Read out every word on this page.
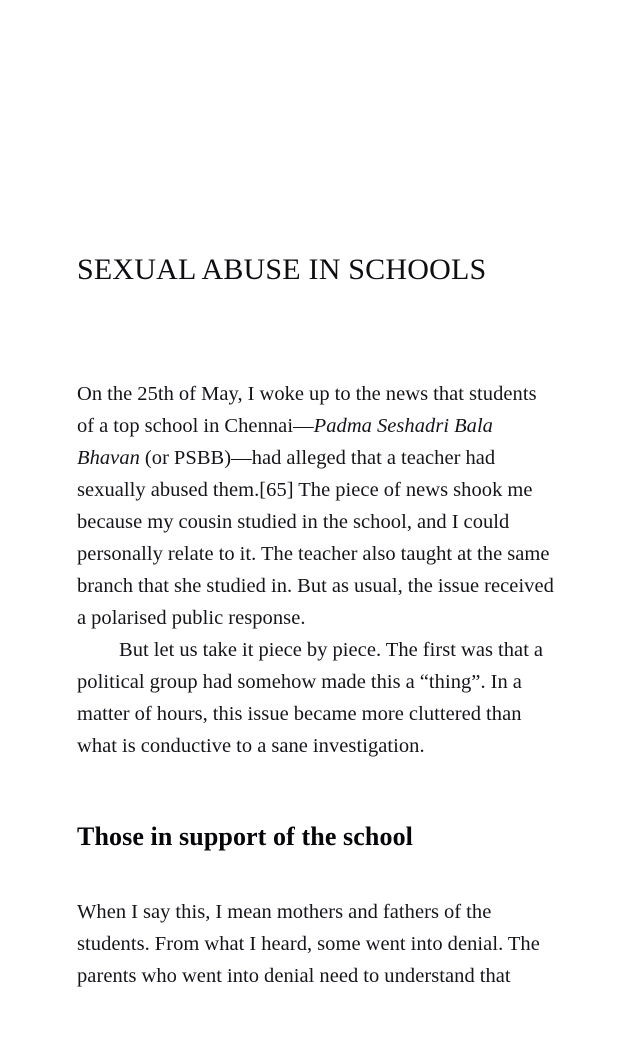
SEXUAL ABUSE IN SCHOOLS

On the 25th of May, I woke up to the news that students of a top school in Chennai—Padma Seshadri Bala Bhavan (or PSBB)—had alleged that a teacher had sexually abused them.[65] The piece of news shook me because my cousin studied in the school, and I could personally relate to it. The teacher also taught at the same branch that she studied in. But as usual, the issue received a polarised public response.

But let us take it piece by piece. The first was that a political group had somehow made this a “thing”. In a matter of hours, this issue became more cluttered than what is conductive to a sane investigation.

Those in support of the school

When I say this, I mean mothers and fathers of the students. From what I heard, some went into denial. The parents who went into denial need to understand that
